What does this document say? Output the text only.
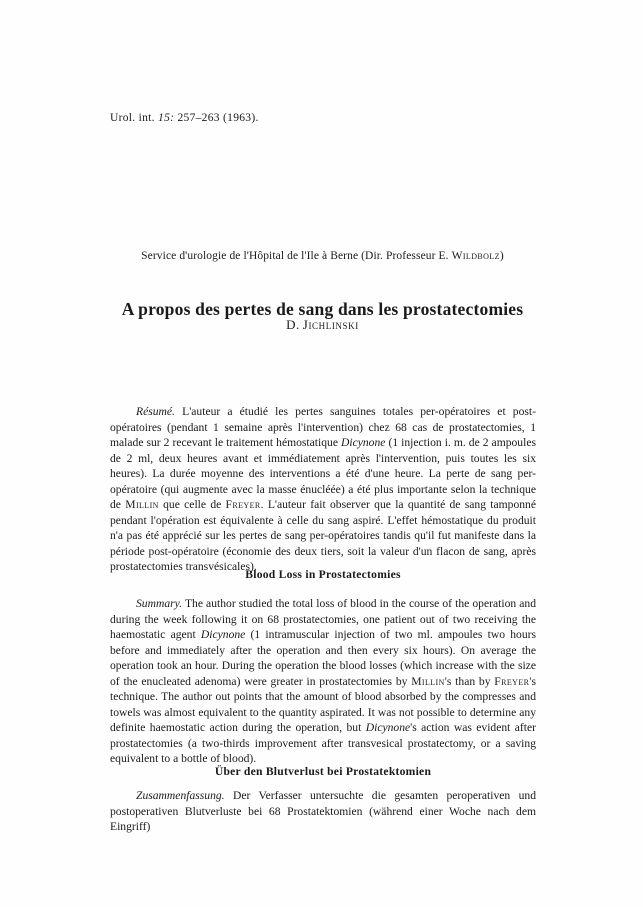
Urol. int. 15: 257–263 (1963).
Service d'urologie de l'Hôpital de l'Ile à Berne (Dir. Professeur E. Wildbolz)
A propos des pertes de sang dans les prostatectomies
D. Jichlinski
Résumé. L'auteur a étudié les pertes sanguines totales per-opératoires et post-opératoires (pendant 1 semaine après l'intervention) chez 68 cas de prostatectomies, 1 malade sur 2 recevant le traitement hémostatique Dicynone (1 injection i. m. de 2 ampoules de 2 ml, deux heures avant et immédiatement après l'intervention, puis toutes les six heures). La durée moyenne des interventions a été d'une heure. La perte de sang per-opératoire (qui augmente avec la masse énucléée) a été plus importante selon la technique de Millin que celle de Freyer. L'auteur fait observer que la quantité de sang tamponné pendant l'opération est équivalente à celle du sang aspiré. L'effet hémostatique du produit n'a pas été apprécié sur les pertes de sang per-opératoires tandis qu'il fut manifeste dans la période post-opératoire (économie des deux tiers, soit la valeur d'un flacon de sang, après prostatectomies transvésicales).
Blood Loss in Prostatectomies
Summary. The author studied the total loss of blood in the course of the operation and during the week following it on 68 prostatectomies, one patient out of two receiving the haemostatic agent Dicynone (1 intramuscular injection of two ml. ampoules two hours before and immediately after the operation and then every six hours). On average the operation took an hour. During the operation the blood losses (which increase with the size of the enucleated adenoma) were greater in prostatectomies by Millin's than by Freyer's technique. The author out points that the amount of blood absorbed by the compresses and towels was almost equivalent to the quantity aspirated. It was not possible to determine any definite haemostatic action during the operation, but Dicynone's action was evident after prostatectomies (a two-thirds improvement after transvesical prostatectomy, or a saving equivalent to a bottle of blood).
Über den Blutverlust bei Prostatektomien
Zusammenfassung. Der Verfasser untersuchte die gesamten peroperativen und postoperativen Blutverluste bei 68 Prostatektomien (während einer Woche nach dem Eingriff)
